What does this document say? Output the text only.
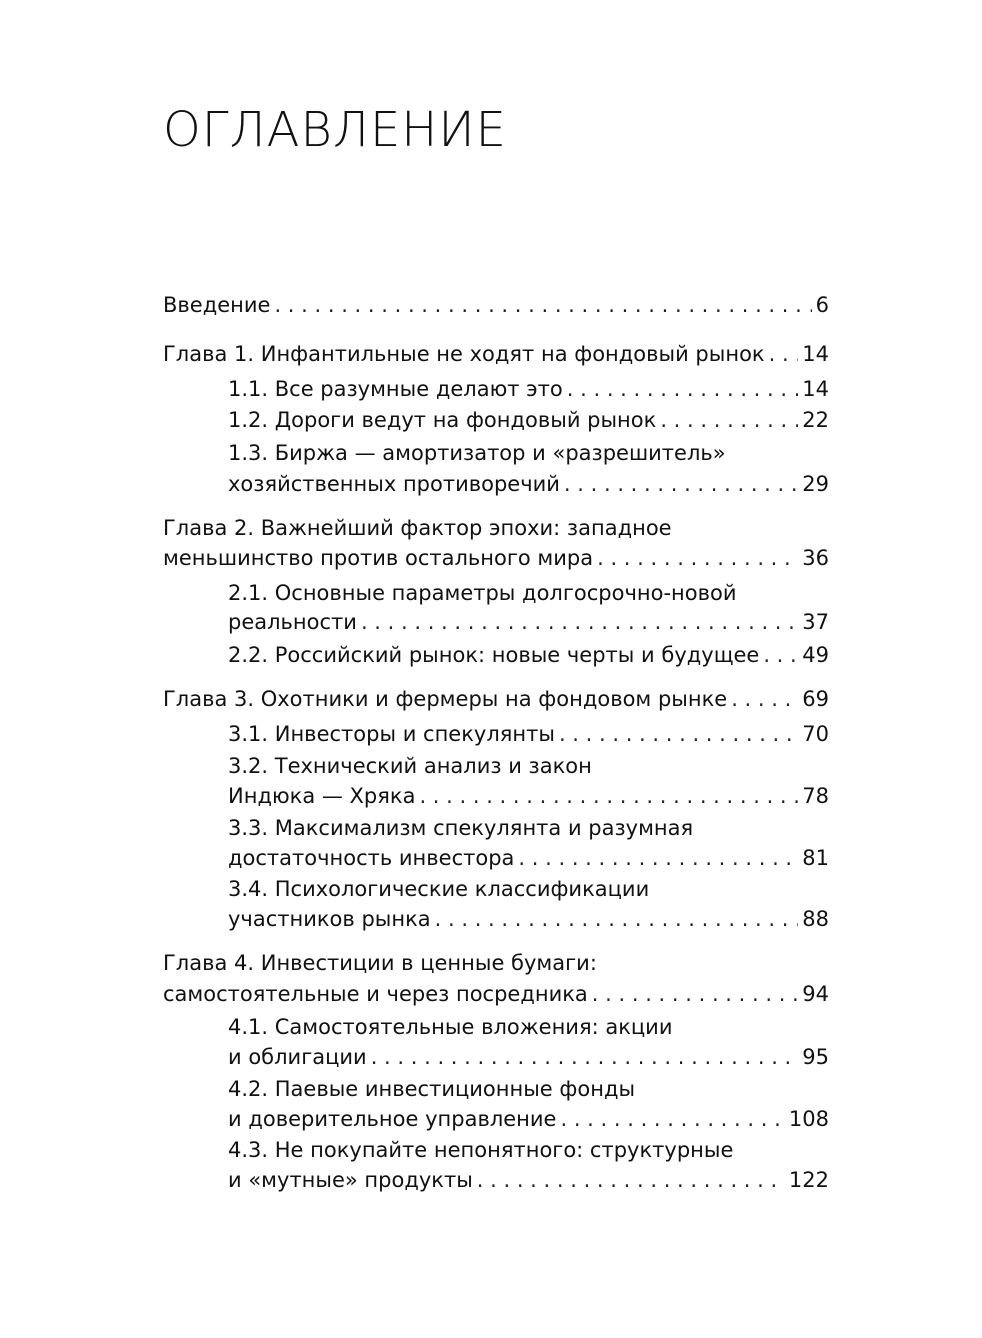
ОГЛАВЛЕНИЕ
Введение . . .	6
Глава 1. Инфантильные не ходят на фондовый рынок . . . 14
1.1. Все разумные делают это . . .	14
1.2. Дороги ведут на фондовый рынок . . .	22
1.3. Биржа — амортизатор и «разрешитель»
хозяйственных противоречий . . .	29
Глава 2. Важнейший фактор эпохи: западное
меньшинство против остального мира . . .	36
2.1. Основные параметры долгосрочно-новой
реальности . . .	37
2.2. Российский рынок: новые черты и будущее . . . 49
Глава 3. Охотники и фермеры на фондовом рынке . . .	69
3.1. Инвесторы и спекулянты . . .	70
3.2. Технический анализ и закон
Индюка — Хряка . . .	78
3.3. Максимализм спекулянта и разумная
достаточность инвестора . . .	81
3.4. Психологические классификации
участников рынка . . .	88
Глава 4. Инвестиции в ценные бумаги:
самостоятельные и через посредника . . .	94
4.1. Самостоятельные вложения: акции
и облигации . . .	95
4.2. Паевые инвестиционные фонды
и доверительное управление . . .	108
4.3. Не покупайте непонятного: структурные
и «мутные» продукты . . .	122
